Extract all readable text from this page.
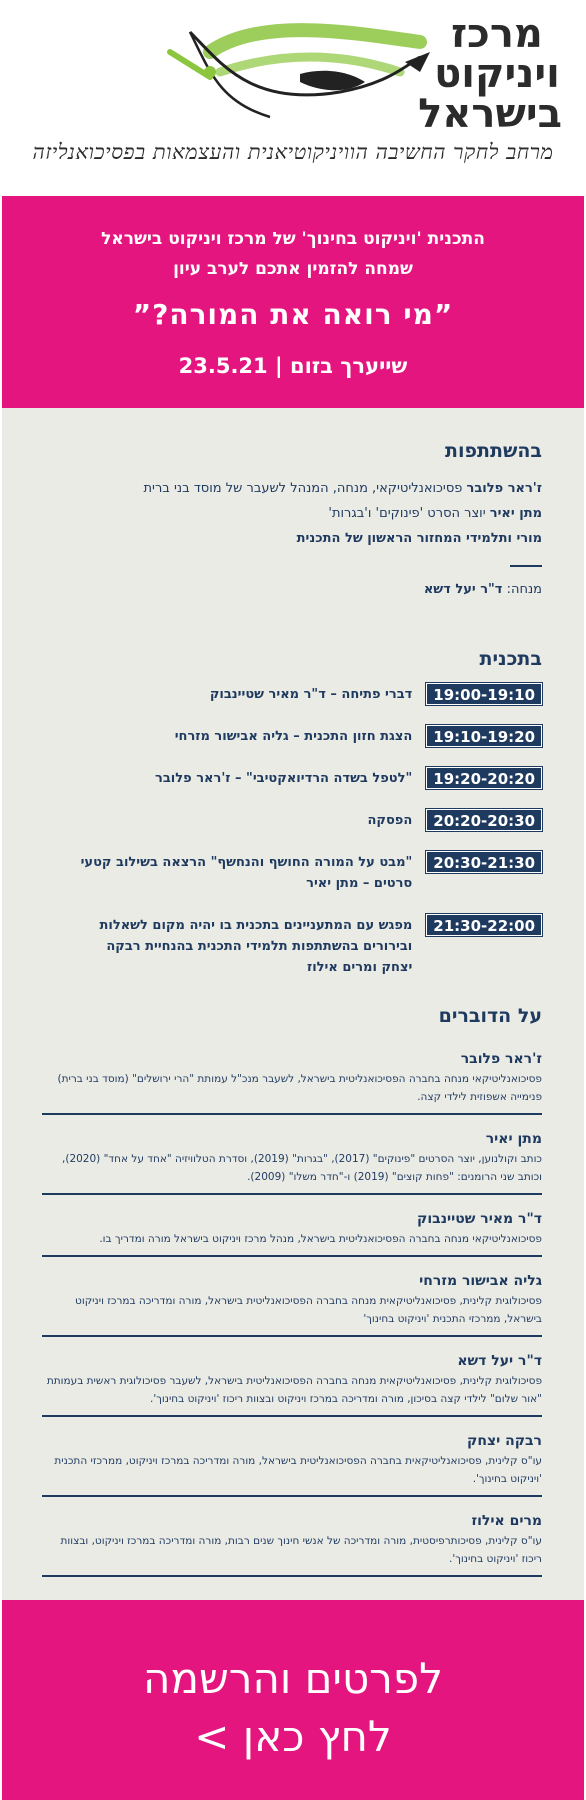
מרכז
ויניקוט
בישראל
מרחב לחקר החשיבה הוויניקוטיאנית והעצמאות בפסיכואנליזה
התכנית 'ויניקוט בחינוך' של מרכז ויניקוט בישראל
שמחה להזמין אתכם לערב עיון
”מי רואה את המורה?”
שייערך בזום | 23.5.21
בהשתתפות
ז'ראר פלובר פסיכואנליטיקאי, מנחה, המנהל לשעבר של מוסד בני ברית
מתן יאיר יוצר הסרט 'פינוקים' ו'בגרות'
מורי ותלמידי המחזור הראשון של התכנית
מנחה: ד"ר יעל דשא
בתכנית
19:00-19:10
דברי פתיחה – ד"ר מאיר שטיינבוק
19:10-19:20
הצגת חזון התכנית – גליה אבישור מזרחי
19:20-20:20
"לטפל בשדה הרדיואקטיבי" – ז'ראר פלובר
20:20-20:30
הפסקה
20:30-21:30
"מבט על המורה החושף והנחשף" הרצאה בשילוב קטעי סרטים – מתן יאיר
21:30-22:00
מפגש עם המתעניינים בתכנית בו יהיה מקום לשאלות ובירורים בהשתתפות תלמידי התכנית בהנחיית רבקה יצחק ומרים אילוז
על הדוברים
ז'ראר פלובר
פסיכואנליטיקאי מנחה בחברה הפסיכואנליטית בישראל, לשעבר מנכ"ל עמותת "הרי ירושלים" (מוסד בני ברית) פנימייה אשפוזית לילדי קצה.
מתן יאיר
כותב וקולנוען, יוצר הסרטים "פינוקים" (2017), "בגרות" (2019), וסדרת הטלוויזיה "אחד על אחד" (2020), וכותב שני הרומנים: "פחות קוצים" (2019) ו-"חדר משלו" (2009).
ד"ר מאיר שטיינבוק
פסיכואנליטיקאי מנחה בחברה הפסיכואנליטית בישראל, מנהל מרכז ויניקוט בישראל מורה ומדריך בו.
גליה אבישור מזרחי
פסיכולוגית קלינית, פסיכואנליטיקאית מנחה בחברה הפסיכואנליטית בישראל, מורה ומדריכה במרכז ויניקוט בישראל, ממרכזי התכנית 'ויניקוט בחינוך'
ד"ר יעל דשא
פסיכולוגית קלינית, פסיכואנליטיקאית מנחה בחברה הפסיכואנליטית בישראל, לשעבר פסיכולוגית ראשית בעמותת "אור שלום" לילדי קצה בסיכון, מורה ומדריכה במרכז ויניקוט ובצוות ריכוז 'ויניקוט בחינוך'.
רבקה יצחק
עו"ס קלינית, פסיכואנליטיקאית בחברה הפסיכואנליטית בישראל, מורה ומדריכה במרכז ויניקוט, ממרכזי התכנית 'ויניקוט בחינוך'.
מרים אילוז
עו"ס קלינית, פסיכותרפיסטית, מורה ומדריכה של אנשי חינוך שנים רבות, מורה ומדריכה במרכז ויניקוט, ובצוות ריכוז 'ויניקוט בחינוך'.
לפרטים והרשמה
לחץ כאן >
